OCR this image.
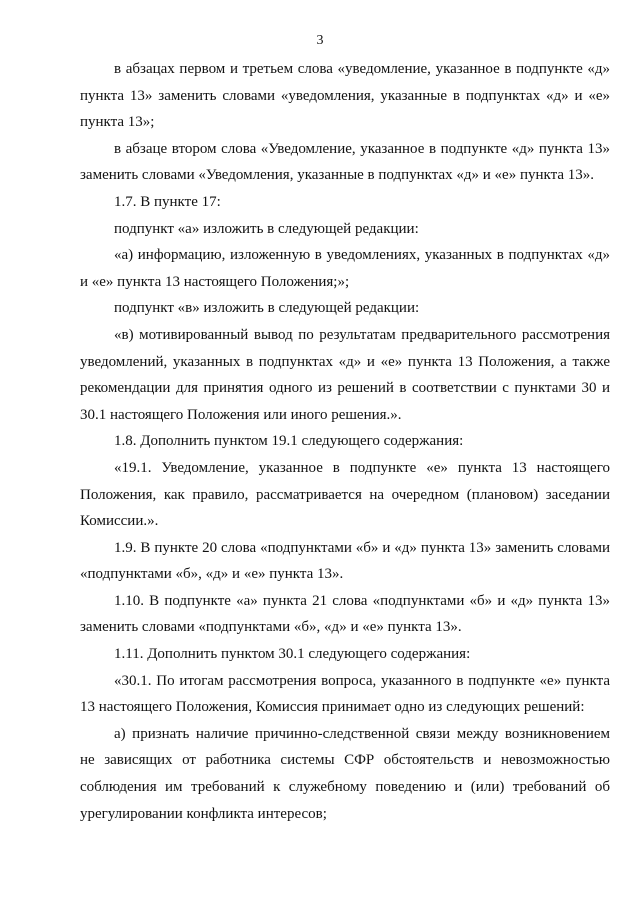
3

в абзацах первом и третьем слова «уведомление, указанное в подпункте «д» пункта 13» заменить словами «уведомления, указанные в подпунктах «д» и «е» пункта 13»;

в абзаце втором слова «Уведомление, указанное в подпункте «д» пункта 13» заменить словами «Уведомления, указанные в подпунктах «д» и «е» пункта 13».

1.7. В пункте 17:

подпункт «а» изложить в следующей редакции:

«а) информацию, изложенную в уведомлениях, указанных в подпунктах «д» и «е» пункта 13 настоящего Положения;»;

подпункт «в» изложить в следующей редакции:

«в) мотивированный вывод по результатам предварительного рассмотрения уведомлений, указанных в подпунктах «д» и «е» пункта 13 Положения, а также рекомендации для принятия одного из решений в соответствии с пунктами 30 и 30.1 настоящего Положения или иного решения.».

1.8. Дополнить пунктом 19.1 следующего содержания:

«19.1. Уведомление, указанное в подпункте «е» пункта 13 настоящего Положения, как правило, рассматривается на очередном (плановом) заседании Комиссии.».

1.9. В пункте 20 слова «подпунктами «б» и «д» пункта 13» заменить словами «подпунктами «б», «д» и «е» пункта 13».

1.10. В подпункте «а» пункта 21 слова «подпунктами «б» и «д» пункта 13» заменить словами «подпунктами «б», «д» и «е» пункта 13».

1.11. Дополнить пунктом 30.1 следующего содержания:

«30.1. По итогам рассмотрения вопроса, указанного в подпункте «е» пункта 13 настоящего Положения, Комиссия принимает одно из следующих решений:

а) признать наличие причинно-следственной связи между возникновением не зависящих от работника системы СФР обстоятельств и невозможностью соблюдения им требований к служебному поведению и (или) требований об урегулировании конфликта интересов;
